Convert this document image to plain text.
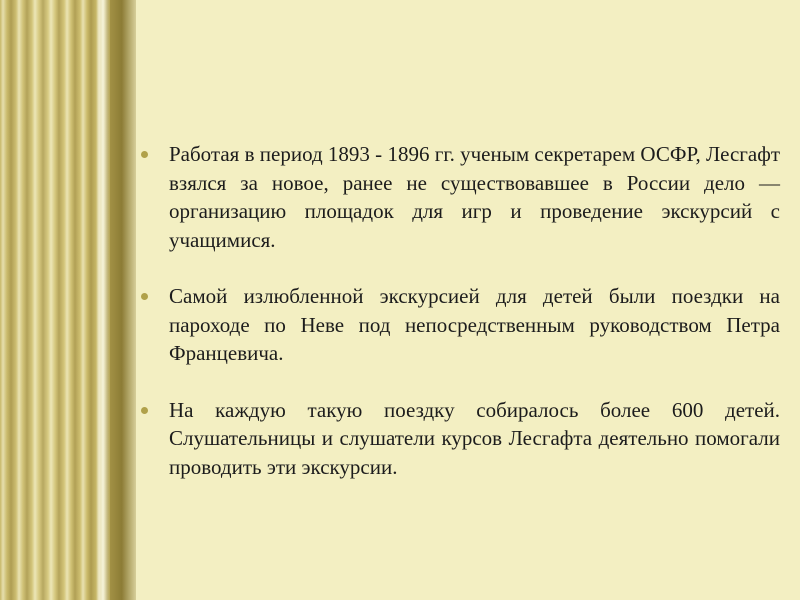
Работая в период 1893 - 1896 гг. ученым секретарем ОСФР, Лесгафт взялся за новое, ранее не существовавшее в России дело — организацию площадок для игр и проведение экскурсий с учащимися.
Самой излюбленной экскурсией для детей были поездки на пароходе по Неве под непосредственным руководством Петра Францевича.
На каждую такую поездку собиралось более 600 детей. Слушательницы и слушатели курсов Лесгафта деятельно помогали проводить эти экскурсии.
